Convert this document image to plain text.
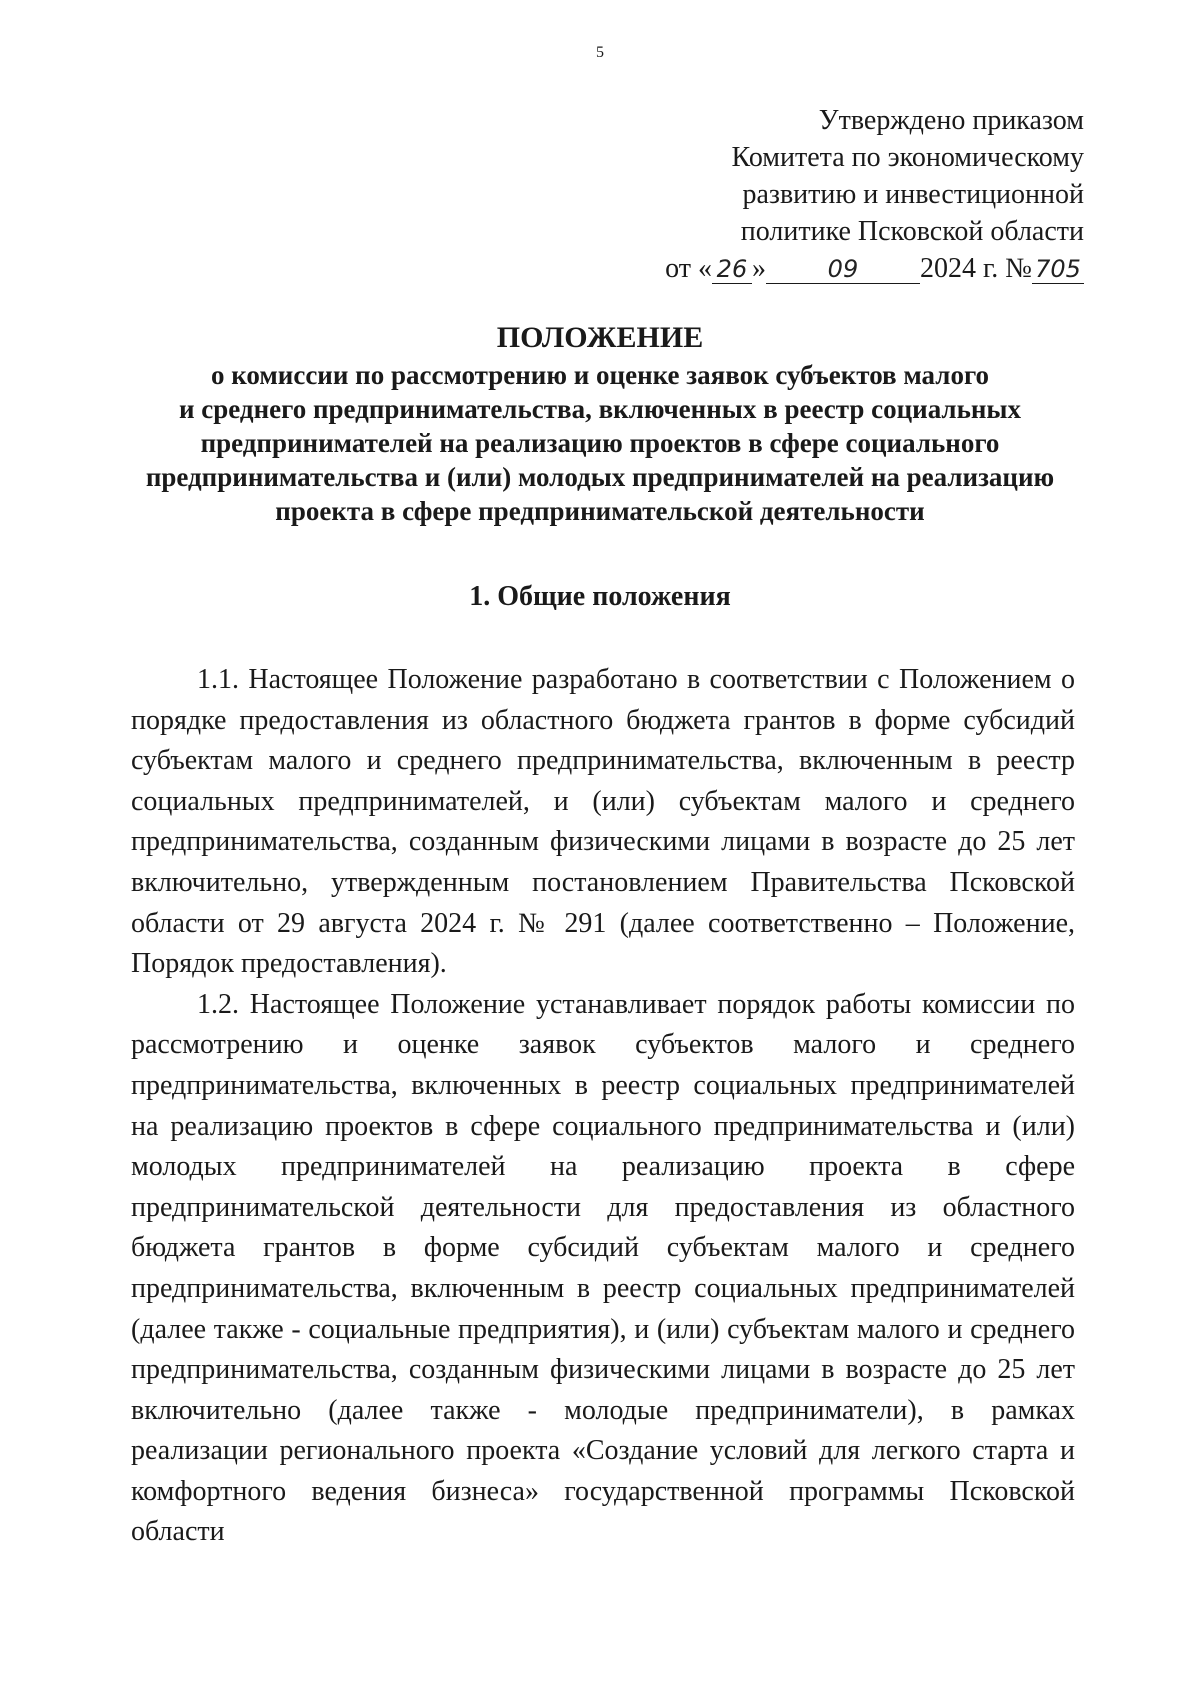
5
Утверждено приказом
Комитета по экономическому
развитию и инвестиционной
политике Псковской области
от « 26 »	09 2024 г. № 705
ПОЛОЖЕНИЕ
о комиссии по рассмотрению и оценке заявок субъектов малого
и среднего предпринимательства, включенных в реестр социальных
предпринимателей на реализацию проектов в сфере социального
предпринимательства и (или) молодых предпринимателей на реализацию
проекта в сфере предпринимательской деятельности
1. Общие положения

1.1. Настоящее Положение разработано в соответствии с Положением о порядке предоставления из областного бюджета грантов в форме субсидий субъектам малого и среднего предпринимательства, включенным в реестр социальных предпринимателей, и (или) субъектам малого и среднего предпринимательства, созданным физическими лицами в возрасте до 25 лет включительно, утвержденным постановлением Правительства Псковской области от 29 августа 2024 г. № 291 (далее соответственно – Положение, Порядок предоставления).

1.2. Настоящее Положение устанавливает порядок работы комиссии по рассмотрению и оценке заявок субъектов малого и среднего предпринимательства, включенных в реестр социальных предпринимателей на реализацию проектов в сфере социального предпринимательства и (или) молодых предпринимателей на реализацию проекта в сфере предпринимательской деятельности для предоставления из областного бюджета грантов в форме субсидий субъектам малого и среднего предпринимательства, включенным в реестр социальных предпринимателей (далее также - социальные предприятия), и (или) субъектам малого и среднего предпринимательства, созданным физическими лицами в возрасте до 25 лет включительно (далее также - молодые предприниматели), в рамках реализации регионального проекта «Создание условий для легкого старта и комфортного ведения бизнеса» государственной программы Псковской области
